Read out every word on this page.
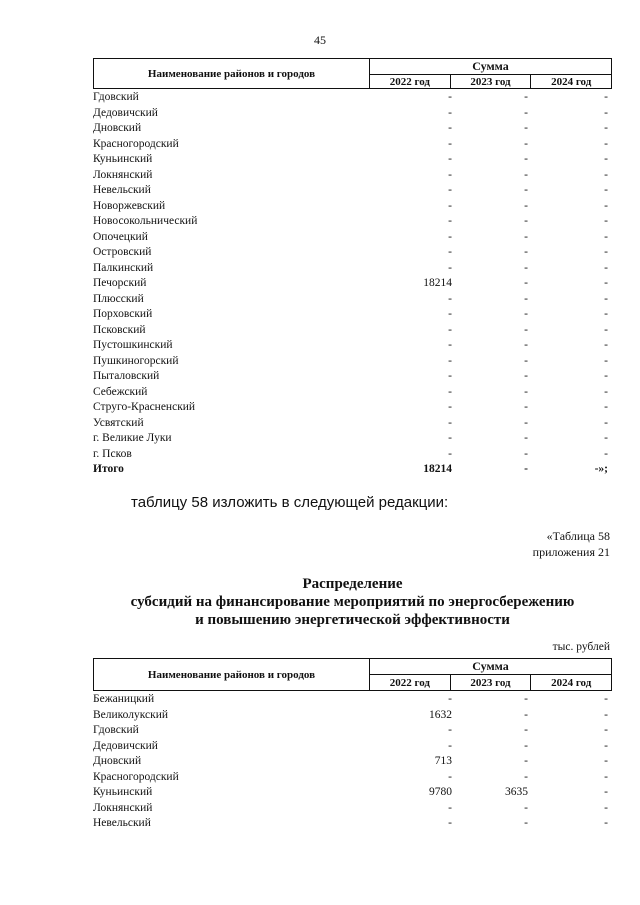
45
Наименование районов и городов
Сумма
2022 год	2023 год	2024 год
Гдовский	-	-	-
Дедовичский	-	-	-
Дновский	-	-	-
Красногородский	-	-	-
Куньинский	-	-	-
Локнянский	-	-	-
Невельский	-	-	-
Новоржевский	-	-	-
Новосокольнический	-	-	-
Опочецкий	-	-	-
Островский	-	-	-
Палкинский	-	-	-
Печорский	18214	-	-
Плюсский	-	-	-
Порховский	-	-	-
Псковский	-	-	-
Пустошкинский	-	-	-
Пушкиногорский	-	-	-
Пыталовский	-	-	-
Себежский	-	-	-
Струго-Красненский	-	-	-
Усвятский	-	-	-
г. Великие Луки	-	-	-
г. Псков	-	-	-
Итого	18214	-	-»;
таблицу 58 изложить в следующей редакции:
«Таблица 58
приложения 21
Распределение
субсидий на финансирование мероприятий по энергосбережению
и повышению энергетической эффективности
тыс. рублей
Наименование районов и городов
Сумма
2022 год	2023 год	2024 год
Бежаницкий	-	-	-
Великолукский	1632	-	-
Гдовский	-	-	-
Дедовичский	-	-	-
Дновский	713	-	-
Красногородский	-	-	-
Куньинский	9780	3635	-
Локнянский	-	-	-
Невельский	-	-	-
